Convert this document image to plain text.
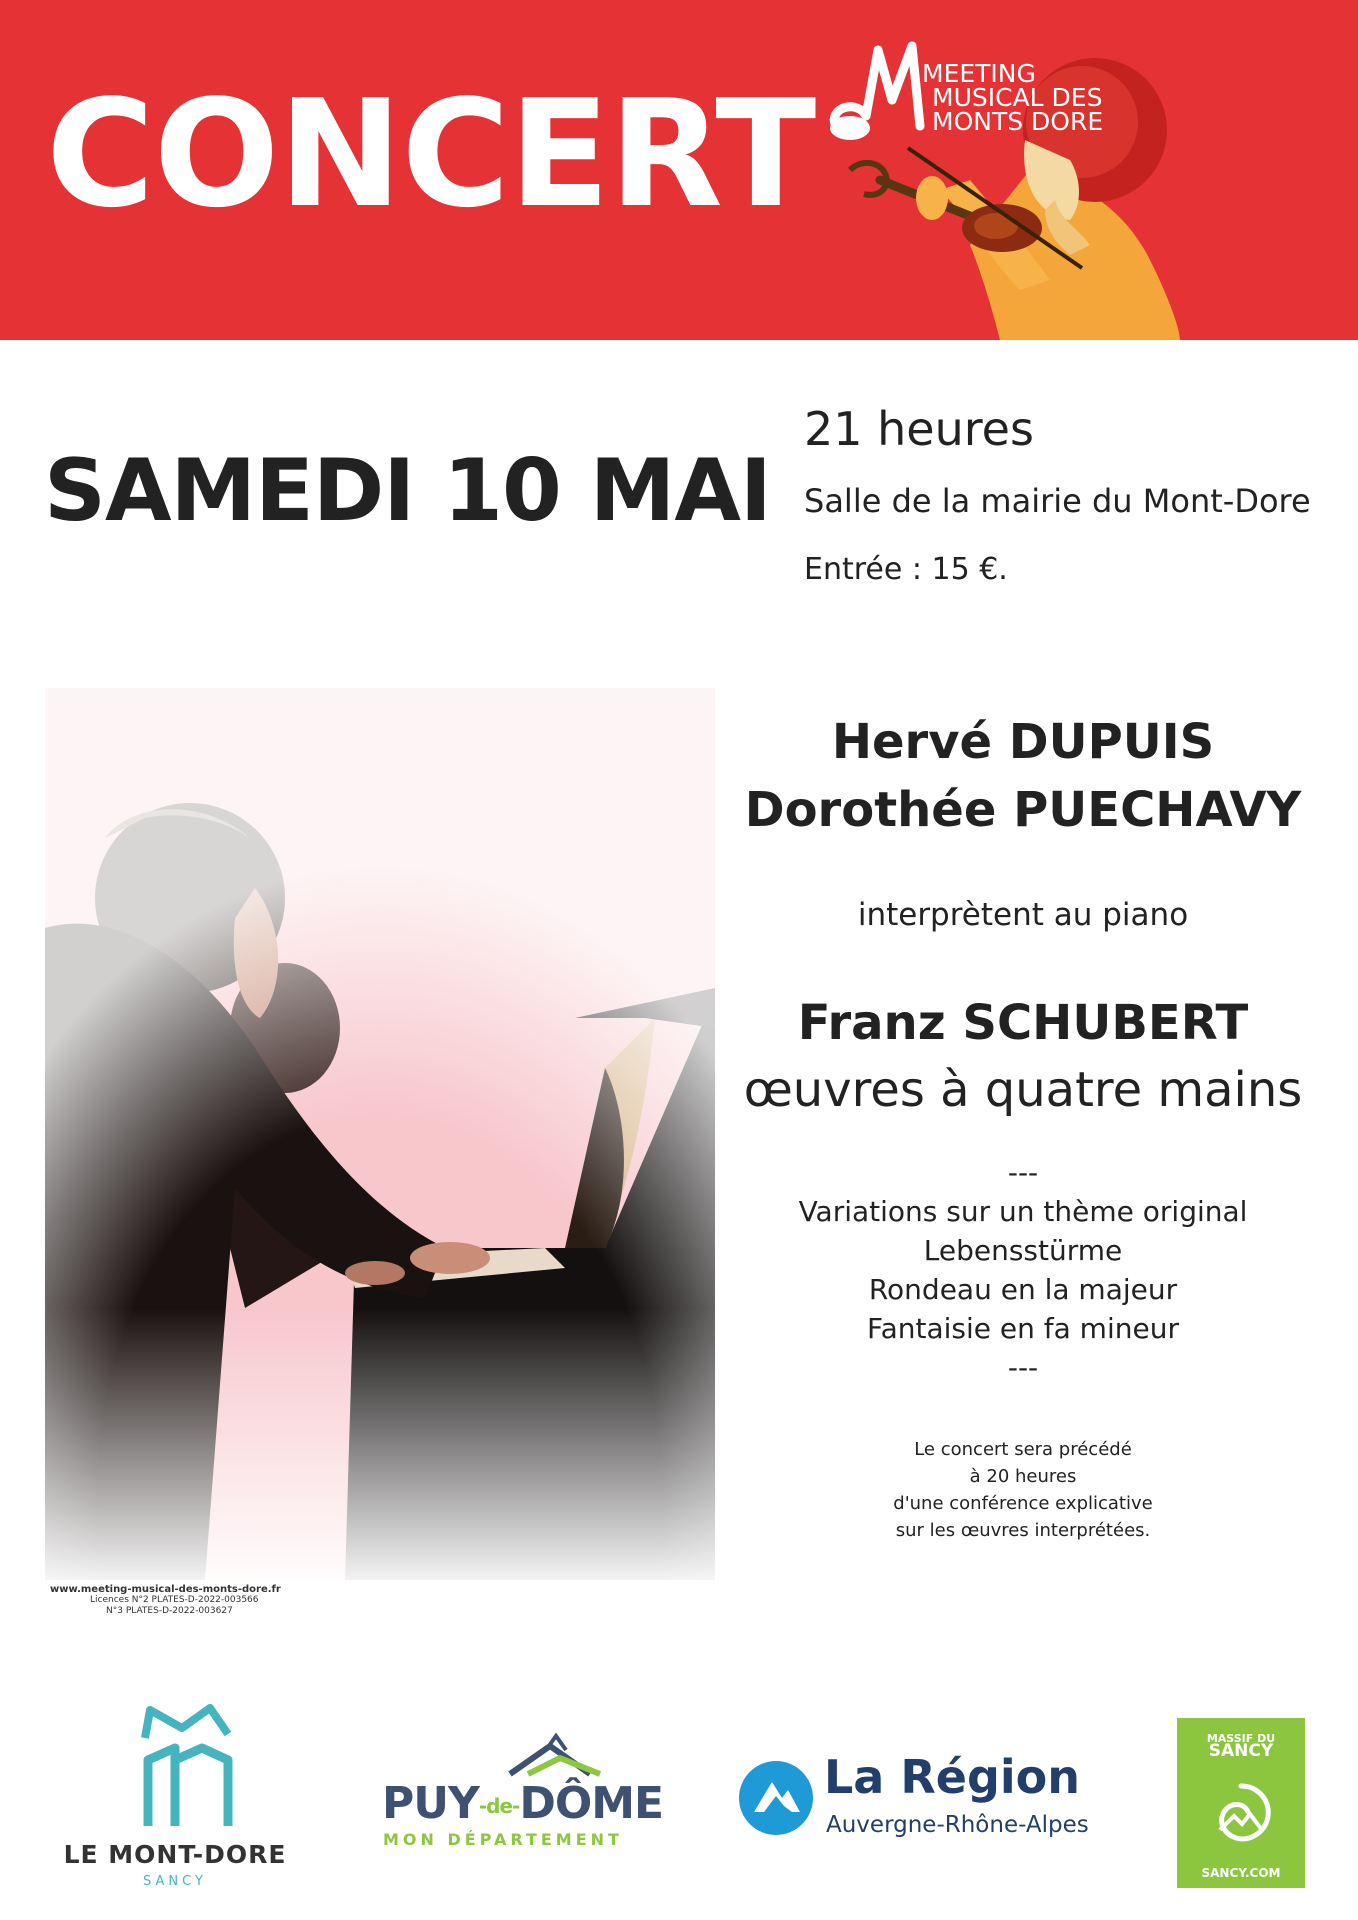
CONCERT	MEETING
MUSICAL DES
MONTS DORE
SAMEDI 10 MAI
21 heures
Salle de la mairie du Mont-Dore
Entrée : 15 €.
www.meeting-musical-des-monts-dore.fr
Licences N°2 PLATES-D-2022-003566
N°3 PLATES-D-2022-003627
Hervé DUPUIS
Dorothée PUECHAVY
interprètent au piano
Franz SCHUBERT
œuvres à quatre mains
---
Variations sur un thème original
Lebensstürme
Rondeau en la majeur
Fantaisie en fa mineur
---
Le concert sera précédé
à 20 heures
d'une conférence explicative
sur les œuvres interprétées.
LE MONT-DORE
SANCY
PUY-de-DÔME
MON DÉPARTEMENT
La Région
Auvergne-Rhône-Alpes
MASSIF DU
SANCY
SANCY.COM
